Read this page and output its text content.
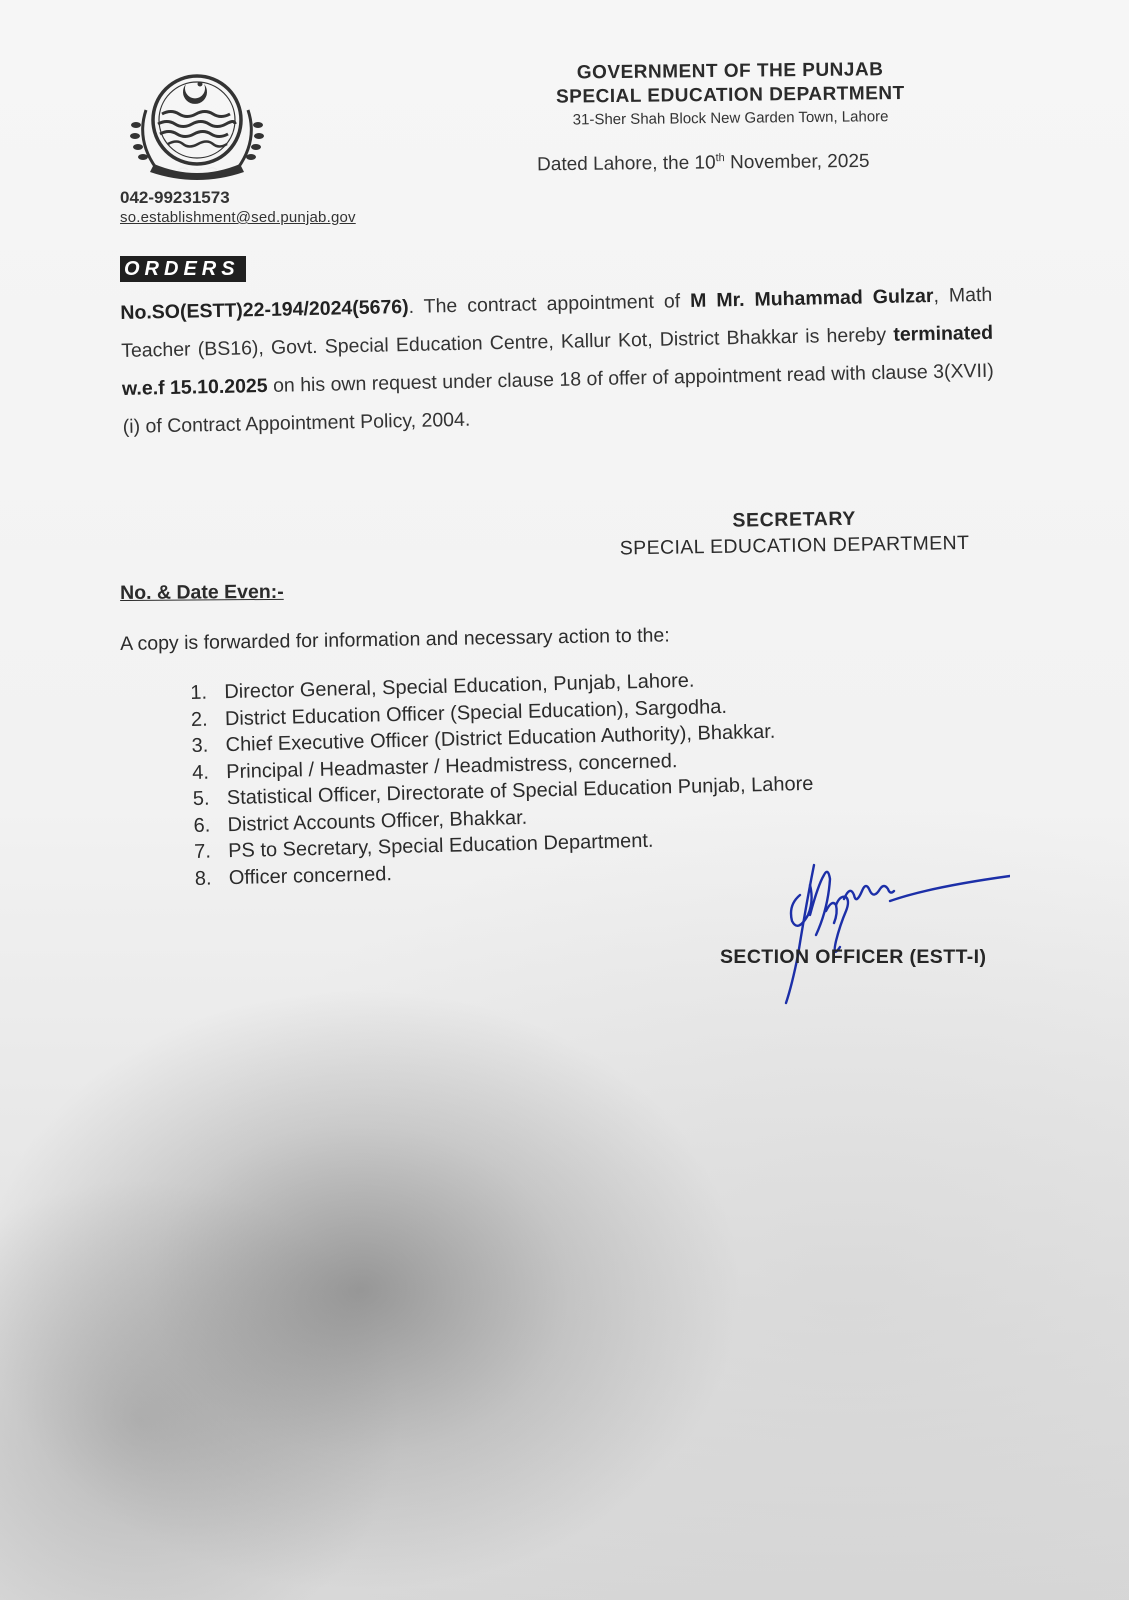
042-99231573
so.establishment@sed.punjab.gov
GOVERNMENT OF THE PUNJAB
SPECIAL EDUCATION DEPARTMENT
31-Sher Shah Block New Garden Town, Lahore
Dated Lahore, the 10th November, 2025
ORDERS
No.SO(ESTT)22-194/2024(5676). The contract appointment of M Mr. Muhammad Gulzar, Math Teacher (BS16), Govt. Special Education Centre, Kallur Kot, District Bhakkar is hereby terminated w.e.f 15.10.2025 on his own request under clause 18 of offer of appointment read with clause 3(XVII)(i) of Contract Appointment Policy, 2004.
SECRETARY
SPECIAL EDUCATION DEPARTMENT
No. & Date Even:-
A copy is forwarded for information and necessary action to the:
1. Director General, Special Education, Punjab, Lahore.
2. District Education Officer (Special Education), Sargodha.
3. Chief Executive Officer (District Education Authority), Bhakkar.
4. Principal / Headmaster / Headmistress, concerned.
5. Statistical Officer, Directorate of Special Education Punjab, Lahore
6. District Accounts Officer, Bhakkar.
7. PS to Secretary, Special Education Department.
8. Officer concerned.
SECTION OFFICER (ESTT-I)
